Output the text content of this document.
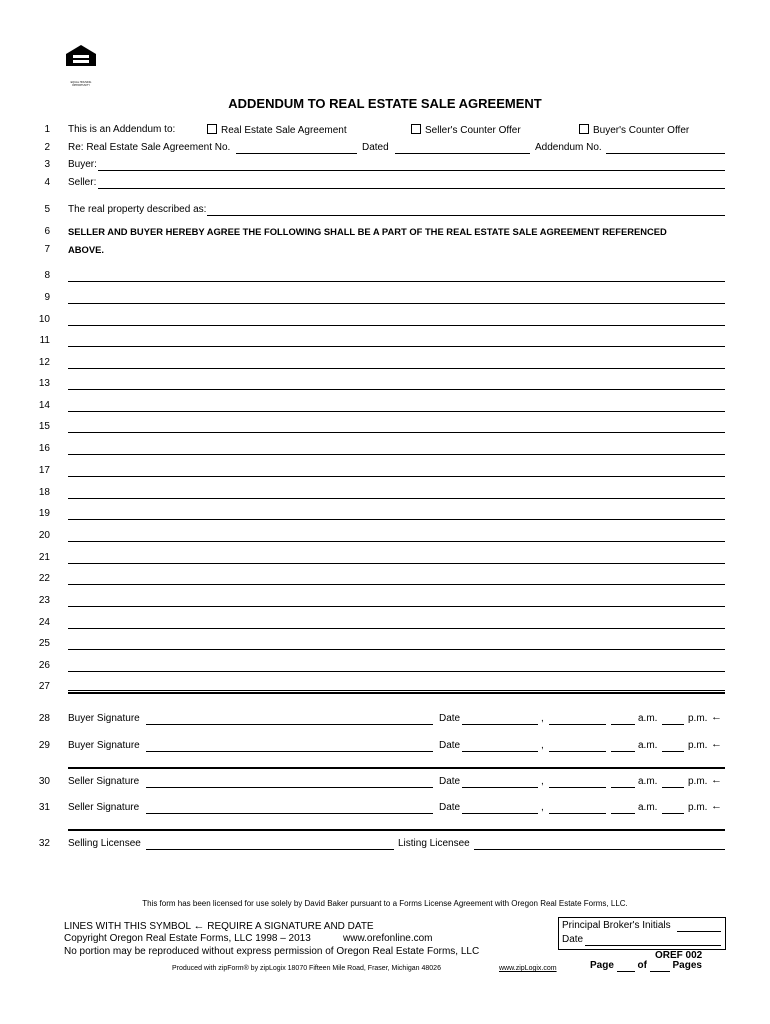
EQUAL HOUSING OPPORTUNITY
ADDENDUM TO REAL ESTATE SALE AGREEMENT
1
2
3
4
5
6
7
8
9
10
11
12
13
14
15
16
17
18
19
20
21
22
23
24
25
26
27
28
29
30
31
32
This is an Addendum to:	Real Estate Sale Agreement	Seller's Counter Offer	Buyer's Counter Offer
Re: Real Estate Sale Agreement No.	Dated	Addendum No.
Buyer:
Seller:
The real property described as:
SELLER AND BUYER HEREBY AGREE THE FOLLOWING SHALL BE A PART OF THE REAL ESTATE SALE AGREEMENT REFERENCED
ABOVE.
Buyer Signature	Date	,	a.m.	p.m. ←
Buyer Signature	Date	,	a.m.	p.m. ←
Seller Signature	Date	,	a.m.	p.m. ←
Seller Signature	Date	,	a.m.	p.m. ←
Selling Licensee	Listing Licensee
This form has been licensed for use solely by David Baker pursuant to a Forms License Agreement with Oregon Real Estate Forms, LLC.
LINES WITH THIS SYMBOL ← REQUIRE A SIGNATURE AND DATE
Copyright Oregon Real Estate Forms, LLC 1998 – 2013	www.orefonline.com
No portion may be reproduced without express permission of Oregon Real Estate Forms, LLC
Produced with zipForm® by zipLogix 18070 Fifteen Mile Road, Fraser, Michigan 48026	www.zipLogix.com
Principal Broker's Initials
Date
OREF 002
Page of	Pages
